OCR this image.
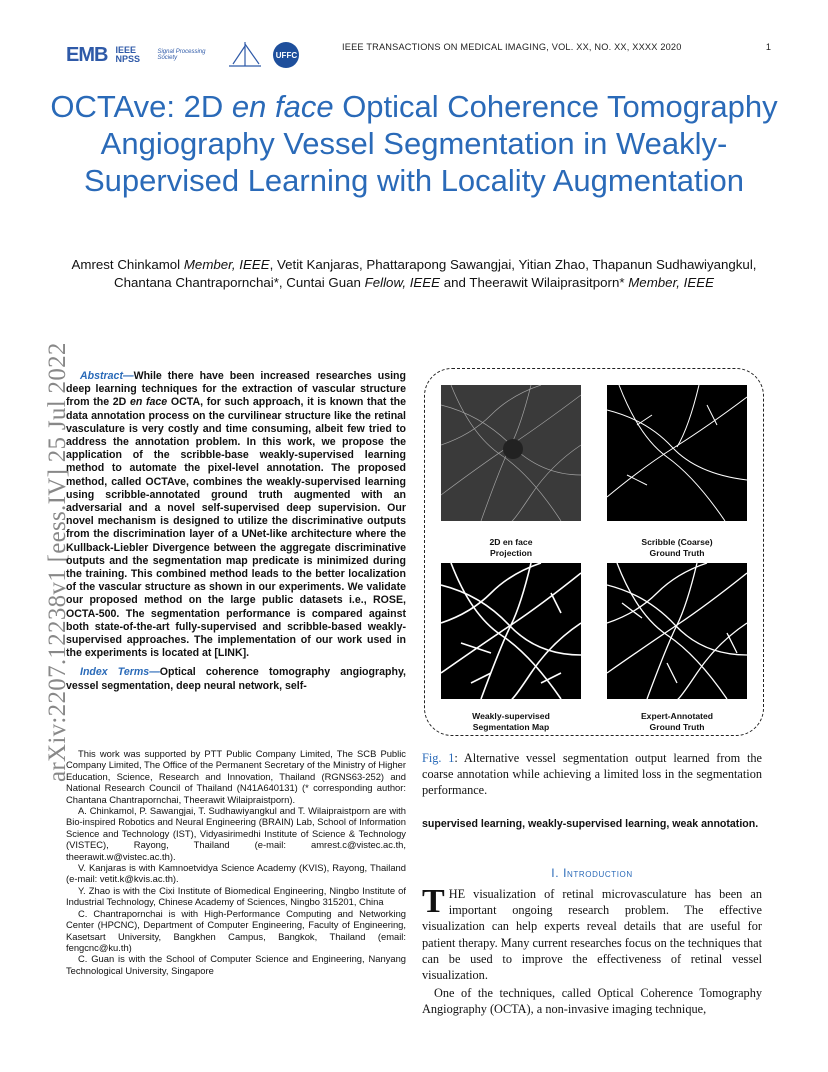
EMB IEEE NPSS
Signal Processing Society	UFFC
IEEE TRANSACTIONS ON MEDICAL IMAGING, VOL. XX, NO. XX, XXXX 2020	1
OCTAve: 2D en face Optical Coherence Tomography Angiography Vessel Segmentation in Weakly-Supervised Learning with Locality Augmentation
Amrest Chinkamol Member, IEEE, Vetit Kanjaras, Phattarapong Sawangjai, Yitian Zhao, Thapanun Sudhawiyangkul, Chantana Chantrapornchai*, Cuntai Guan Fellow, IEEE and Theerawit Wilaiprasitporn* Member, IEEE
arXiv:2207.12238v1 [eess.IV] 25 Jul 2022 Abstract—While there have been increased researches using deep learning techniques for the extraction of vascular structure from the 2D en face OCTA, for such approach, it is known that the data annotation process on the curvilinear structure like the retinal vasculature is very costly and time consuming, albeit few tried to address the annotation problem. In this work, we propose the application of the scribble-base weakly-supervised learning method to automate the pixel-level annotation. The proposed method, called OCTAve, combines the weakly-supervised learning using scribble-annotated ground truth augmented with an adversarial and a novel self-supervised deep supervision. Our novel mechanism is designed to utilize the discriminative outputs from the discrimination layer of a UNet-like architecture where the Kullback-Liebler Divergence between the aggregate discriminative outputs and the segmentation map predicate is minimized during the training. This combined method leads to the better localization of the vascular structure as shown in our experiments. We validate our proposed method on the large public datasets i.e., ROSE, OCTA-500. The segmentation performance is compared against both state-of-the-art fully-supervised and scribble-based weakly-supervised approaches. The implementation of our work used in the experiments is located at [LINK].
Index Terms—Optical coherence tomography angiography, vessel segmentation, deep neural network, self-

This work was supported by PTT Public Company Limited, The SCB Public Company Limited, The Office of the Permanent Secretary of the Ministry of Higher Education, Science, Research and Innovation, Thailand (RGNS63-252) and National Research Council of Thailand (N41A640131) (* corresponding author: Chantana Chantrapornchai, Theerawit Wilaipraistporn).

A. Chinkamol, P. Sawangjai, T. Sudhawiyangkul and T. Wilaipraistporn are with Bio-inspired Robotics and Neural Engineering (BRAIN) Lab, School of Information Science and Technology (IST), Vidyasirimedhi Institute of Science & Technology (VISTEC), Rayong, Thailand (e-mail: amrest.c@vistec.ac.th, theerawit.w@vistec.ac.th).

V. Kanjaras is with Kamnoetvidya Science Academy (KVIS), Rayong, Thailand (e-mail: vetit.k@kvis.ac.th).

Y. Zhao is with the Cixi Institute of Biomedical Engineering, Ningbo Institute of Industrial Technology, Chinese Academy of Sciences, Ningbo 315201, China

C. Chantrapornchai is with High-Performance Computing and Networking Center (HPCNC), Department of Computer Engineering, Faculty of Engineering, Kasetsart University, Bangkhen Campus, Bangkok, Thailand (email: fengcnc@ku.th)

C. Guan is with the School of Computer Science and Engineering, Nanyang Technological University, Singapore

2D en face
Projection
Scribble (Coarse)
Ground Truth
Weakly-supervised
Segmentation Map
Expert-Annotated
Ground Truth
Fig. 1: Alternative vessel segmentation output learned from the coarse annotation while achieving a limited loss in the segmentation performance.
supervised learning, weakly-supervised learning, weak annotation.
I. Introduction

THE visualization of retinal microvasculature has been an important ongoing research problem. The effective visualization can help experts reveal details that are useful for patient therapy. Many current researches focus on the techniques that can be used to improve the effectiveness of retinal vessel visualization.

One of the techniques, called Optical Coherence Tomography Angiography (OCTA), a non-invasive imaging technique,
